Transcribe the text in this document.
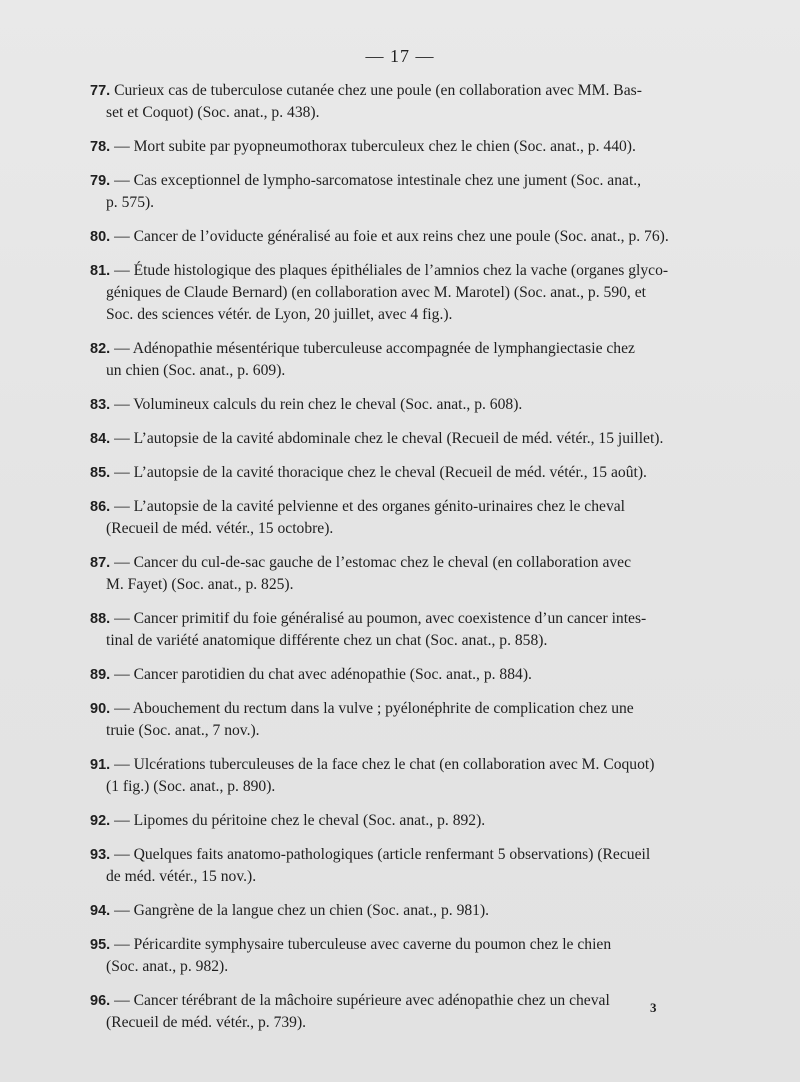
— 17 —
77. Curieux cas de tuberculose cutanée chez une poule (en collaboration avec MM. Bas-
set et Coquot) (Soc. anat., p. 438).
78. — Mort subite par pyopneumothorax tuberculeux chez le chien (Soc. anat., p. 440).
79. — Cas exceptionnel de lympho-sarcomatose intestinale chez une jument (Soc. anat.,
p. 575).
80. — Cancer de l’oviducte généralisé au foie et aux reins chez une poule (Soc. anat., p. 76).
81. — Étude histologique des plaques épithéliales de l’amnios chez la vache (organes glyco-
géniques de Claude Bernard) (en collaboration avec M. Marotel) (Soc. anat., p. 590, et
Soc. des sciences vétér. de Lyon, 20 juillet, avec 4 fig.).
82. — Adénopathie mésentérique tuberculeuse accompagnée de lymphangiectasie chez
un chien (Soc. anat., p. 609).
83. — Volumineux calculs du rein chez le cheval (Soc. anat., p. 608).
84. — L’autopsie de la cavité abdominale chez le cheval (Recueil de méd. vétér., 15 juillet).
85. — L’autopsie de la cavité thoracique chez le cheval (Recueil de méd. vétér., 15 août).
86. — L’autopsie de la cavité pelvienne et des organes génito-urinaires chez le cheval
(Recueil de méd. vétér., 15 octobre).
87. — Cancer du cul-de-sac gauche de l’estomac chez le cheval (en collaboration avec
M. Fayet) (Soc. anat., p. 825).
88. — Cancer primitif du foie généralisé au poumon, avec coexistence d’un cancer intes-
tinal de variété anatomique différente chez un chat (Soc. anat., p. 858).
89. — Cancer parotidien du chat avec adénopathie (Soc. anat., p. 884).
90. — Abouchement du rectum dans la vulve ; pyélonéphrite de complication chez une
truie (Soc. anat., 7 nov.).
91. — Ulcérations tuberculeuses de la face chez le chat (en collaboration avec M. Coquot)
(1 fig.) (Soc. anat., p. 890).
92. — Lipomes du péritoine chez le cheval (Soc. anat., p. 892).
93. — Quelques faits anatomo-pathologiques (article renfermant 5 observations) (Recueil
de méd. vétér., 15 nov.).
94. — Gangrène de la langue chez un chien (Soc. anat., p. 981).
95. — Péricardite symphysaire tuberculeuse avec caverne du poumon chez le chien
(Soc. anat., p. 982).
96. — Cancer térébrant de la mâchoire supérieure avec adénopathie chez un cheval
(Recueil de méd. vétér., p. 739).
3
